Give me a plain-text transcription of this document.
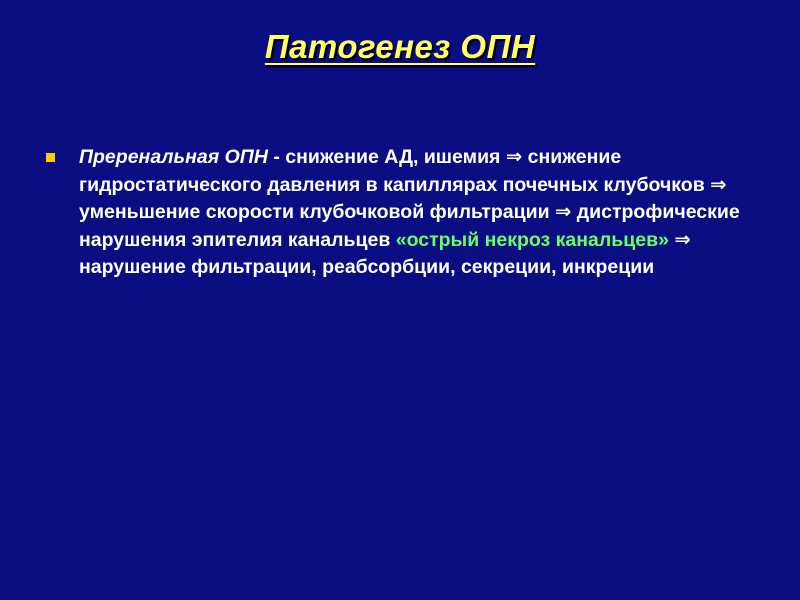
Патогенез ОПН
Преренальная ОПН - снижение АД, ишемия ⇒ снижение гидростатического давления в капиллярах почечных клубочков ⇒ уменьшение скорости клубочковой фильтрации ⇒ дистрофические нарушения эпителия канальцев «острый некроз канальцев» ⇒ нарушение фильтрации, реабсорбции, секреции, инкреции
